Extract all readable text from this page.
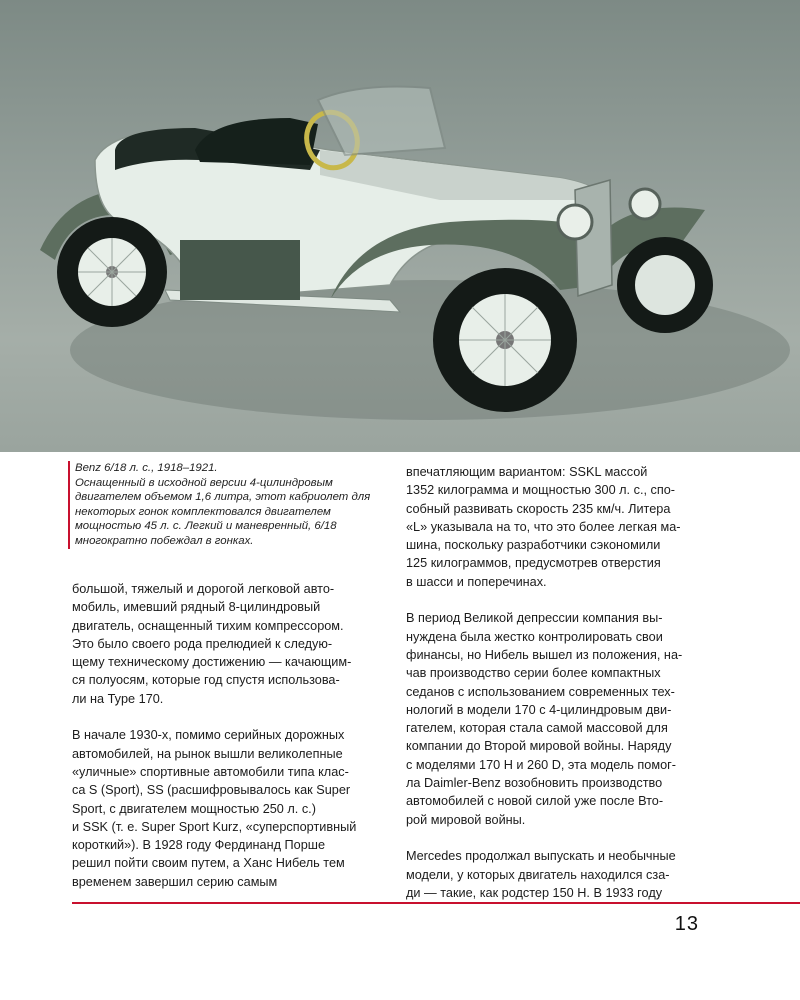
Benz 6/18 л. с., 1918–1921.

Оснащенный в исходной версии 4-цилиндровым

двигателем объемом 1,6 литра, этот кабриолет для

некоторых гонок комплектовался двигателем

мощностью 45 л. с. Легкий и маневренный, 6/18

многократно побеждал в гонках.

большой, тяжелый и дорогой легковой авто-
мобиль, имевший рядный 8-цилиндровый
двигатель, оснащенный тихим компрессором.
Это было своего рода прелюдией к следую-
щему техническому достижению — качающим-
ся полуосям, которые год спустя использова-
ли на Type 170.

В начале 1930-х, помимо серийных дорожных
автомобилей, на рынок вышли великолепные
«уличные» спортивные автомобили типа клас-
са S (Sport), SS (расшифровывалось как Super
Sport, с двигателем мощностью 250 л. с.)
и SSK (т. е. Super Sport Kurz, «суперспортивный
короткий»). В 1928 году Фердинанд Порше
решил пойти своим путем, а Ханс Нибель тем
временем завершил серию самым

впечатляющим вариантом: SSKL массой
1352 килограмма и мощностью 300 л. с., спо-
собный развивать скорость 235 км/ч. Литера
«L» указывала на то, что это более легкая ма-
шина, поскольку разработчики сэкономили
125 килограммов, предусмотрев отверстия
в шасси и поперечинах.

В период Великой депрессии компания вы-
нуждена была жестко контролировать свои
финансы, но Нибель вышел из положения, на-
чав производство серии более компактных
седанов с использованием современных тех-
нологий в модели 170 с 4-цилиндровым дви-
гателем, которая стала самой массовой для
компании до Второй мировой войны. Наряду
с моделями 170 H и 260 D, эта модель помог-
ла Daimler-Benz возобновить производство
автомобилей с новой силой уже после Вто-
рой мировой войны.

Mercedes продолжал выпускать и необычные
модели, у которых двигатель находился сза-
ди — такие, как родстер 150 H. В 1933 году

13
